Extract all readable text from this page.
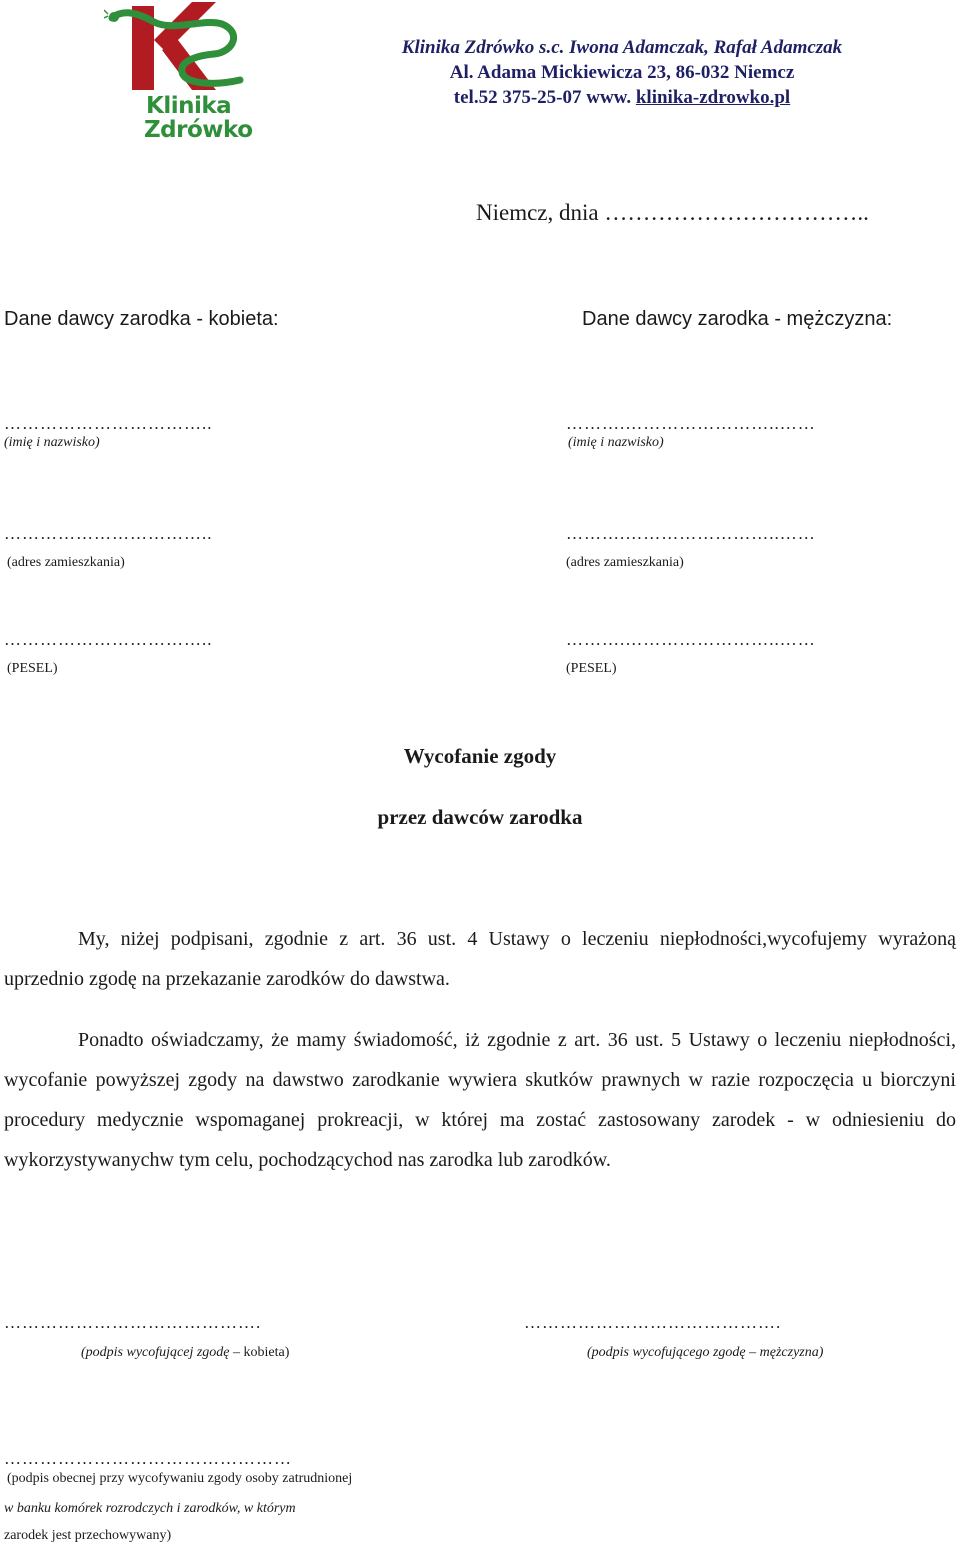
Klinika
Zdrówko
Klinika Zdrówko s.c. Iwona Adamczak, Rafał Adamczak
Al. Adama Mickiewicza 23, 86-032 Niemcz
tel.52 375-25-07 www. klinika-zdrowko.pl
Niemcz, dnia ……………………………..
Dane dawcy zarodka - kobieta:	Dane dawcy zarodka - mężczyzna:
……………………………..
(imię i nazwisko)
……………………………..
(adres zamieszkania)
……………………………..
(PESEL)
……….……………………..……
(imię i nazwisko)
……….……………………..……
(adres zamieszkania)
……….……………………..……
(PESEL)
Wycofanie zgody
przez dawców zarodka
My, niżej podpisani, zgodnie z art. 36 ust. 4 Ustawy o leczeniu niepłodności,wycofujemy wyrażoną uprzednio zgodę na przekazanie zarodków do dawstwa.
Ponadto oświadczamy, że mamy świadomość, iż zgodnie z art. 36 ust. 5 Ustawy o leczeniu niepłodności, wycofanie powyższej zgody na dawstwo zarodkanie wywiera skutków prawnych w razie rozpoczęcia u biorczyni procedury medycznie wspomaganej prokreacji, w której ma zostać zastosowany zarodek - w odniesieniu do wykorzystywanychw tym celu, pochodzącychod nas zarodka lub zarodków.
…………………………………….
(podpis wycofującej zgodę – kobieta)
…………………………………….
(podpis wycofującego zgodę – mężczyzna)
…………………………………………
(podpis obecnej przy wycofywaniu zgody osoby zatrudnionej
w banku komórek rozrodczych i zarodków, w którym
zarodek jest przechowywany)
